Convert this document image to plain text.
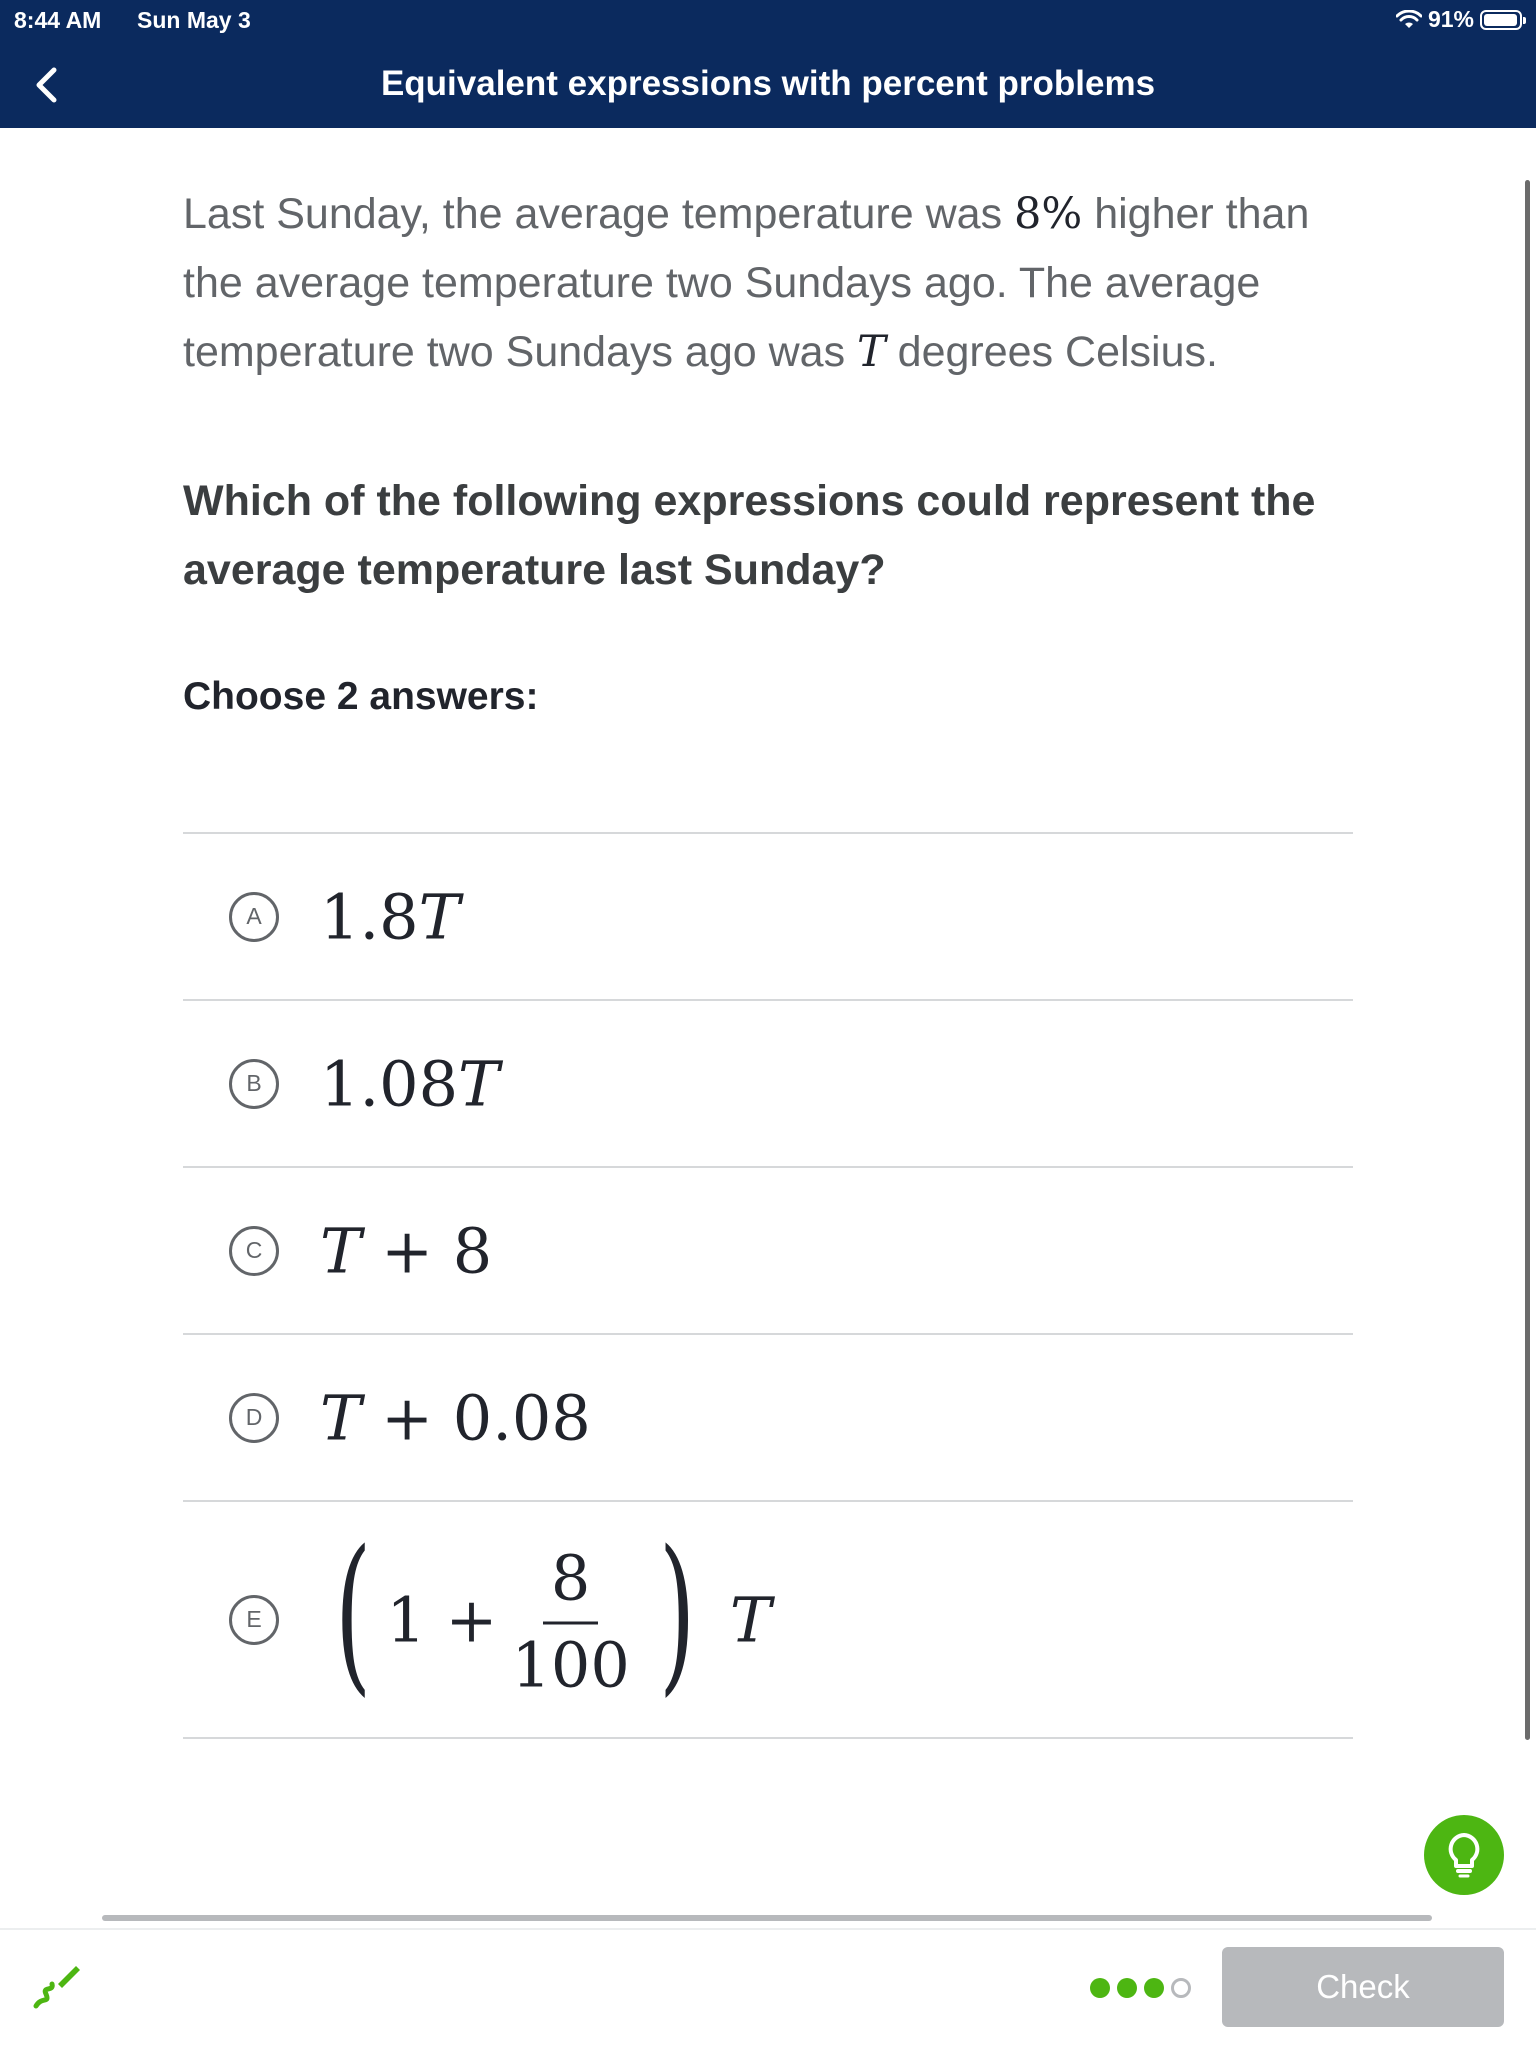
8:44 AM Sun May 3	91%
Equivalent expressions with percent problems

Last Sunday, the average temperature was 8% higher than the average temperature two Sundays ago. The average temperature two Sundays ago was T degrees Celsius.

Which of the following expressions could represent the average temperature last Sunday?
Choose 2 answers:
A 1.8 T
B 1.08 T
C T
+
8
D T
+
0.08
E ( 1
+ $\frac{8}{100}$ )
T
Check
